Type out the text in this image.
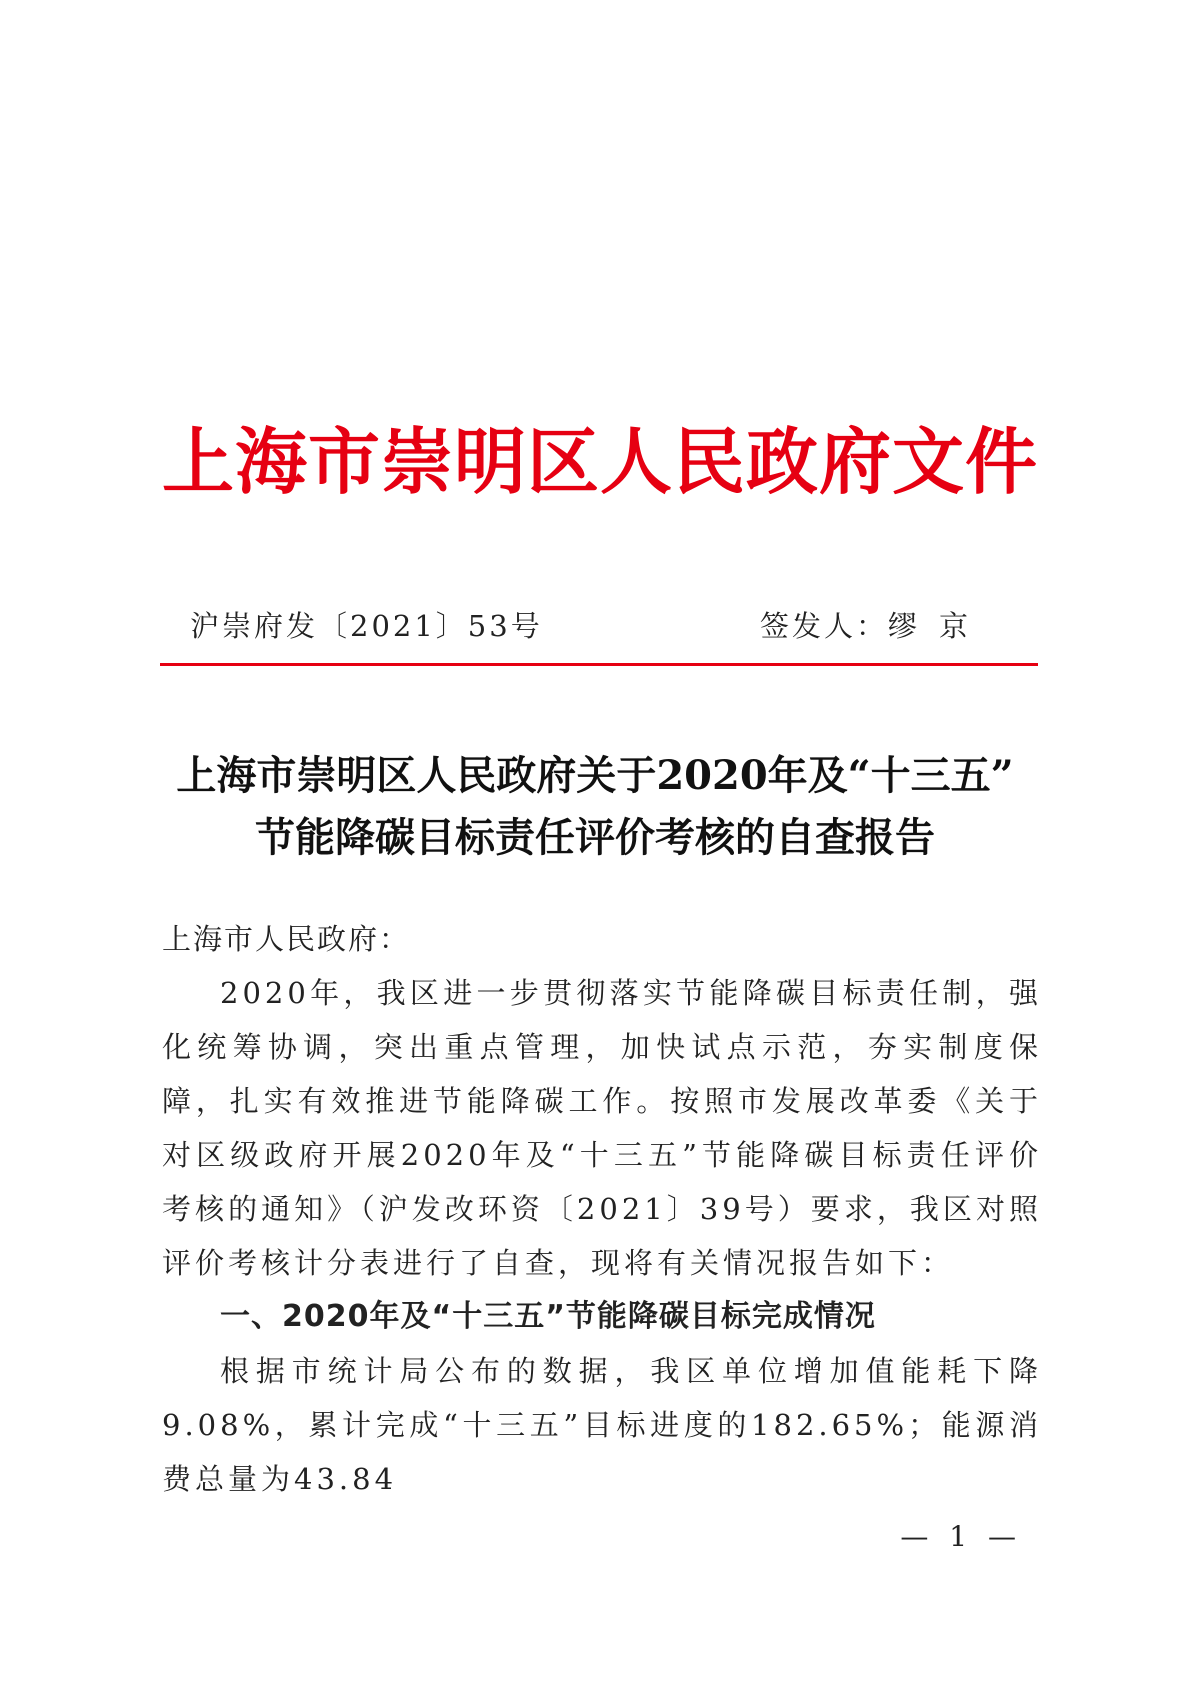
上海市崇明区人民政府文件
沪崇府发〔2021〕53号	签发人：缪京
上海市崇明区人民政府关于2020年及“十三五”
节能降碳目标责任评价考核的自查报告
上海市人民政府：

2020年，我区进一步贯彻落实节能降碳目标责任制，强化统筹协调，突出重点管理，加快试点示范，夯实制度保障，扎实有效推进节能降碳工作。按照市发展改革委《关于对区级政府开展2020年及“十三五”节能降碳目标责任评价考核的通知》（沪发改环资〔2021〕39号）要求，我区对照评价考核计分表进行了自查，现将有关情况报告如下：

一、2020年及“十三五”节能降碳目标完成情况

根据市统计局公布的数据，我区单位增加值能耗下降9.08%，累计完成“十三五”目标进度的182.65%；能源消费总量为43.84

— 1 —
